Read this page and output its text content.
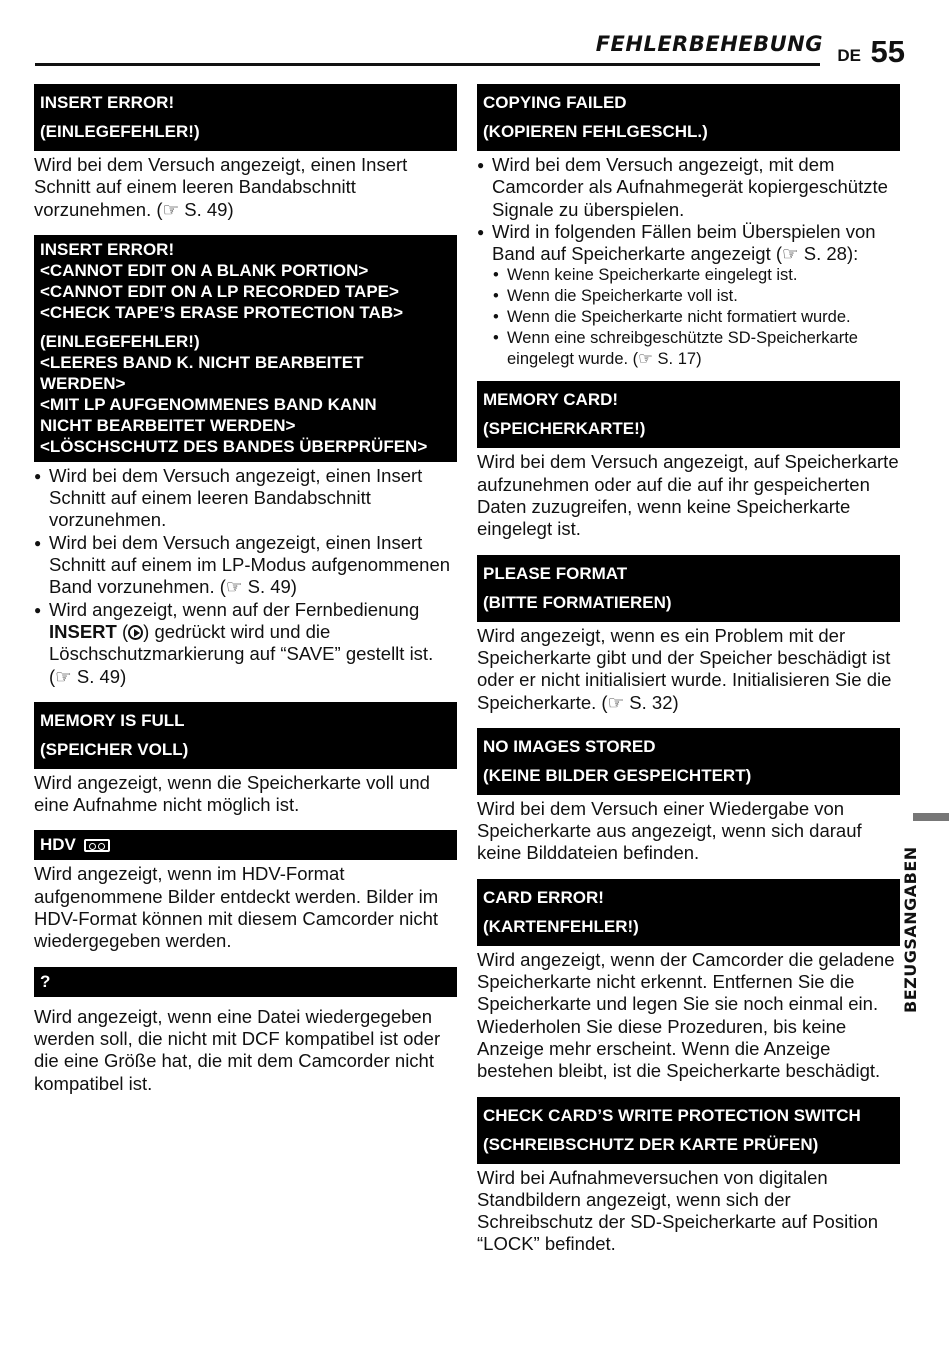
FEHLERBEHEBUNG DE 55
INSERT ERROR!
(EINLEGEFEHLER!)

Wird bei dem Versuch angezeigt, einen Insert Schnitt auf einem leeren Bandabschnitt vorzunehmen. (☞ S. 49)

INSERT ERROR!
<CANNOT EDIT ON A BLANK PORTION>
<CANNOT EDIT ON A LP RECORDED TAPE>
<CHECK TAPE’S ERASE PROTECTION TAB>
(EINLEGEFEHLER!)
<LEERES BAND K. NICHT BEARBEITET
WERDEN>
<MIT LP AUFGENOMMENES BAND KANN
NICHT BEARBEITET WERDEN>
<LÖSCHSCHUTZ DES BANDES ÜBERPRÜFEN>
● Wird bei dem Versuch angezeigt, einen Insert Schnitt auf einem leeren Bandabschnitt vorzunehmen.
● Wird bei dem Versuch angezeigt, einen Insert Schnitt auf einem im LP-Modus aufgenommenen Band vorzunehmen. (☞ S. 49)
● Wird angezeigt, wenn auf der Fernbedienung INSERT ( ) gedrückt wird und die Löschschutzmarkierung auf “SAVE” gestellt ist. (☞ S. 49)
MEMORY IS FULL
(SPEICHER VOLL)

Wird angezeigt, wenn die Speicherkarte voll und eine Aufnahme nicht möglich ist.

HDV

Wird angezeigt, wenn im HDV-Format aufgenommene Bilder entdeckt werden. Bilder im HDV-Format können mit diesem Camcorder nicht wiedergegeben werden.

?

Wird angezeigt, wenn eine Datei wiedergegeben werden soll, die nicht mit DCF kompatibel ist oder die eine Größe hat, die mit dem Camcorder nicht kompatibel ist.

COPYING FAILED
(KOPIEREN FEHLGESCHL.)
● Wird bei dem Versuch angezeigt, mit dem Camcorder als Aufnahmegerät kopiergeschützte Signale zu überspielen.
● Wird in folgenden Fällen beim Überspielen von Band auf Speicherkarte angezeigt (☞ S. 28):
• Wenn keine Speicherkarte eingelegt ist.
• Wenn die Speicherkarte voll ist.
• Wenn die Speicherkarte nicht formatiert wurde.
• Wenn eine schreibgeschützte SD-Speicherkarte eingelegt wurde. (☞ S. 17)
MEMORY CARD!
(SPEICHERKARTE!)

Wird bei dem Versuch angezeigt, auf Speicherkarte aufzunehmen oder auf die auf ihr gespeicherten Daten zuzugreifen, wenn keine Speicherkarte eingelegt ist.

PLEASE FORMAT
(BITTE FORMATIEREN)

Wird angezeigt, wenn es ein Problem mit der Speicherkarte gibt und der Speicher beschädigt ist oder er nicht initialisiert wurde. Initialisieren Sie die Speicherkarte. (☞ S. 32)

NO IMAGES STORED
(KEINE BILDER GESPEICHTERT)

Wird bei dem Versuch einer Wiedergabe von Speicherkarte aus angezeigt, wenn sich darauf keine Bilddateien befinden.

CARD ERROR!
(KARTENFEHLER!)

Wird angezeigt, wenn der Camcorder die geladene Speicherkarte nicht erkennt. Entfernen Sie die Speicherkarte und legen Sie sie noch einmal ein. Wiederholen Sie diese Prozeduren, bis keine Anzeige mehr erscheint. Wenn die Anzeige bestehen bleibt, ist die Speicherkarte beschädigt.

CHECK CARD’S WRITE PROTECTION SWITCH
(SCHREIBSCHUTZ DER KARTE PRÜFEN)

Wird bei Aufnahmeversuchen von digitalen Standbildern angezeigt, wenn sich der Schreibschutz der SD-Speicherkarte auf Position “LOCK” befindet.

BEZUGSANGABEN
